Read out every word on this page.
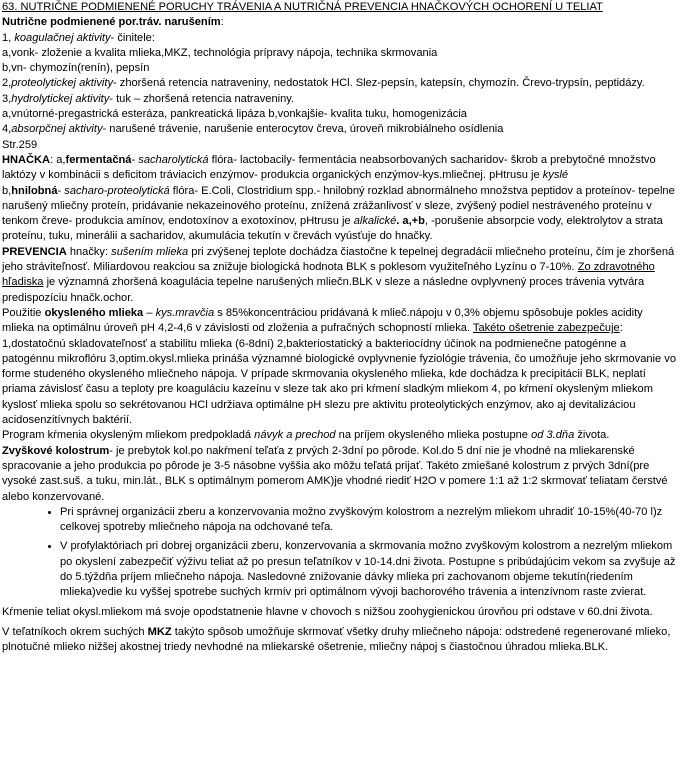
63. NUTRIČNE PODMIENENÉ PORUCHY TRÁVENIA A NUTRIČNÁ PREVENCIA HNAČKOVÝCH OCHORENÍ U TELIAT

Nutrične podmienené por.tráv. narušením:

1, koagulačnej aktivity- činitele:

a,vonk- zloženie a kvalita mlieka,MKZ, technológia prípravy nápoja, technika skrmovania

b,vn- chymozín(renín), pepsín

2,proteolytickej aktivity- zhoršená retencia natraveniny, nedostatok HCl. Slez-pepsín, katepsín, chymozín. Črevo-trypsín, peptidázy.

3,hydrolytickej aktivity- tuk – zhoršená retencia natraveniny.

a,vnútorné-pregastrická esteráza, pankreatická lipáza b,vonkajšie- kvalita tuku, homogenizácia

4,absorpčnej aktivity- narušené trávenie, narušenie enterocytov čreva, úroveň mikrobiálneho osídlenia

Str.259

HNAČKA: a,fermentačná- sacharolytická flóra- lactobacily- fermentácia neabsorbovaných sacharidov- škrob a prebytočné množstvo laktózy v kombinácii s deficitom tráviacich enzýmov- produkcia organických enzýmov-kys.mliečnej. pHtrusu je kyslé
b,hnilobná- sacharo-proteolytická flóra- E.Coli, Clostridium spp.- hnilobný rozklad abnormálneho množstva peptidov a proteínov- tepelne narušený mliečny proteín, pridávanie nekazeinového proteínu, znížená zrážanlivosť v sleze, zvýšený podiel nestráveného proteínu v tenkom čreve- produkcia amínov, endotoxínov a exotoxínov, pHtrusu je alkalické. a,+b, -porušenie absorpcie vody, elektrolytov a strata proteínu, tuku, minerálii a sacharidov, akumulácia tekutín v črevách vyúsťuje do hnačky.

PREVENCIA hnačky: sušením mlieka pri zvýšenej teplote dochádza čiastočne k tepelnej degradácii mliečneho proteínu, čím je zhoršená jeho stráviteľnosť. Miliardovou reakciou sa znižuje biologická hodnota BLK s poklesom využiteľného Lyzínu o 7-10%. Zo zdravotného hľadiska je významná zhoršená koagulácia tepelne narušených mliečn.BLK v sleze a následne ovplyvnený proces trávenia vytvára predispozíciu hnačk.ochor.

Použitie okysleného mlieka – kys.mravčia s 85%koncentráciou pridávaná k mlieč.nápoju v 0,3% objemu spôsobuje pokles acidity mlieka na optimálnu úroveň pH 4,2-4,6 v závislosti od zloženia a pufračných schopností mlieka. Takéto ošetrenie zabezpečuje: 1,dostatočnú skladovateľnosť a stabilitu mlieka (6-8dní) 2,bakteriostatický a bakteriocídny účinok na podmienečne patogénne a patogénnu mikroflóru 3,optim.okysl.mlieka prináša významné biologické ovplyvnenie fyziológie trávenia, čo umožňuje jeho skrmovanie vo forme studeného okysleného mliečneho nápoja. V prípade skrmovania okysleného mlieka, kde dochádza k precipitácii BLK, neplatí priama závislosť času a teploty pre koaguláciu kazeínu v sleze tak ako pri kŕmení sladkým mliekom 4, po kŕmení okysleným mliekom kyslosť mlieka spolu so sekrétovanou HCl udržiava optimálne pH slezu pre aktivitu proteolytických enzýmov, ako aj devitalizáciou acidosenzitívnych baktérií.

Program kŕmenia okysleným mliekom predpokladá návyk a prechod na príjem okysleného mlieka postupne od 3.dňa života.

Zvyškové kolostrum- je prebytok kol.po nakŕmení teľaťa z prvých 2-3dní po pôrode. Kol.do 5 dní nie je vhodné na mliekarenské spracovanie a jeho produkcia po pôrode je 3-5 násobne vyššia ako môžu teľatá prijať. Takéto zmiešané kolostrum z prvých 3dní(pre vysoké zast.suš. a tuku, min.lát., BLK s optimálnym pomerom AMK)je vhodné riediť H2O v pomere 1:1 až 1:2 skrmovať teliatam čerstvé alebo konzervované.

• Pri správnej organizácii zberu a konzervovania možno zvyškovým kolostrom a nezrelým mliekom uhradiť 10-15%(40-70 l)z celkovej spotreby mliečneho nápoja na odchované teľa.
• V profylaktóriach pri dobrej organizácii zberu, konzervovania a skrmovania možno zvyškovým kolostrom a nezrelým mliekom po okyslení zabezpečiť výživu teliat až po presun teľatníkov v 10-14.dni života. Postupne s pribúdajúcim vekom sa zvyšuje až do 5.týždňa príjem mliečneho nápoja. Nasledovné znižovanie dávky mlieka pri zachovanom objeme tekutín(riedením mlieka)vedie ku vyššej spotrebe suchých krmív pri optimálnom vývoji bachorového trávenia a intenzívnom raste zvierat.

Kŕmenie teliat okysl.mliekom má svoje opodstatnenie hlavne v chovoch s nižšou zoohygienickou úrovňou pri odstave v 60.dni života.

V teľatníkoch okrem suchých MKZ takýto spôsob umožňuje skrmovať všetky druhy mliečneho nápoja: odstredené regenerované mlieko, plnotučné mlieko nižšej akostnej triedy nevhodné na mliekarské ošetrenie, mliečny nápoj s čiastočnou úhradou mlieka.BLK.
